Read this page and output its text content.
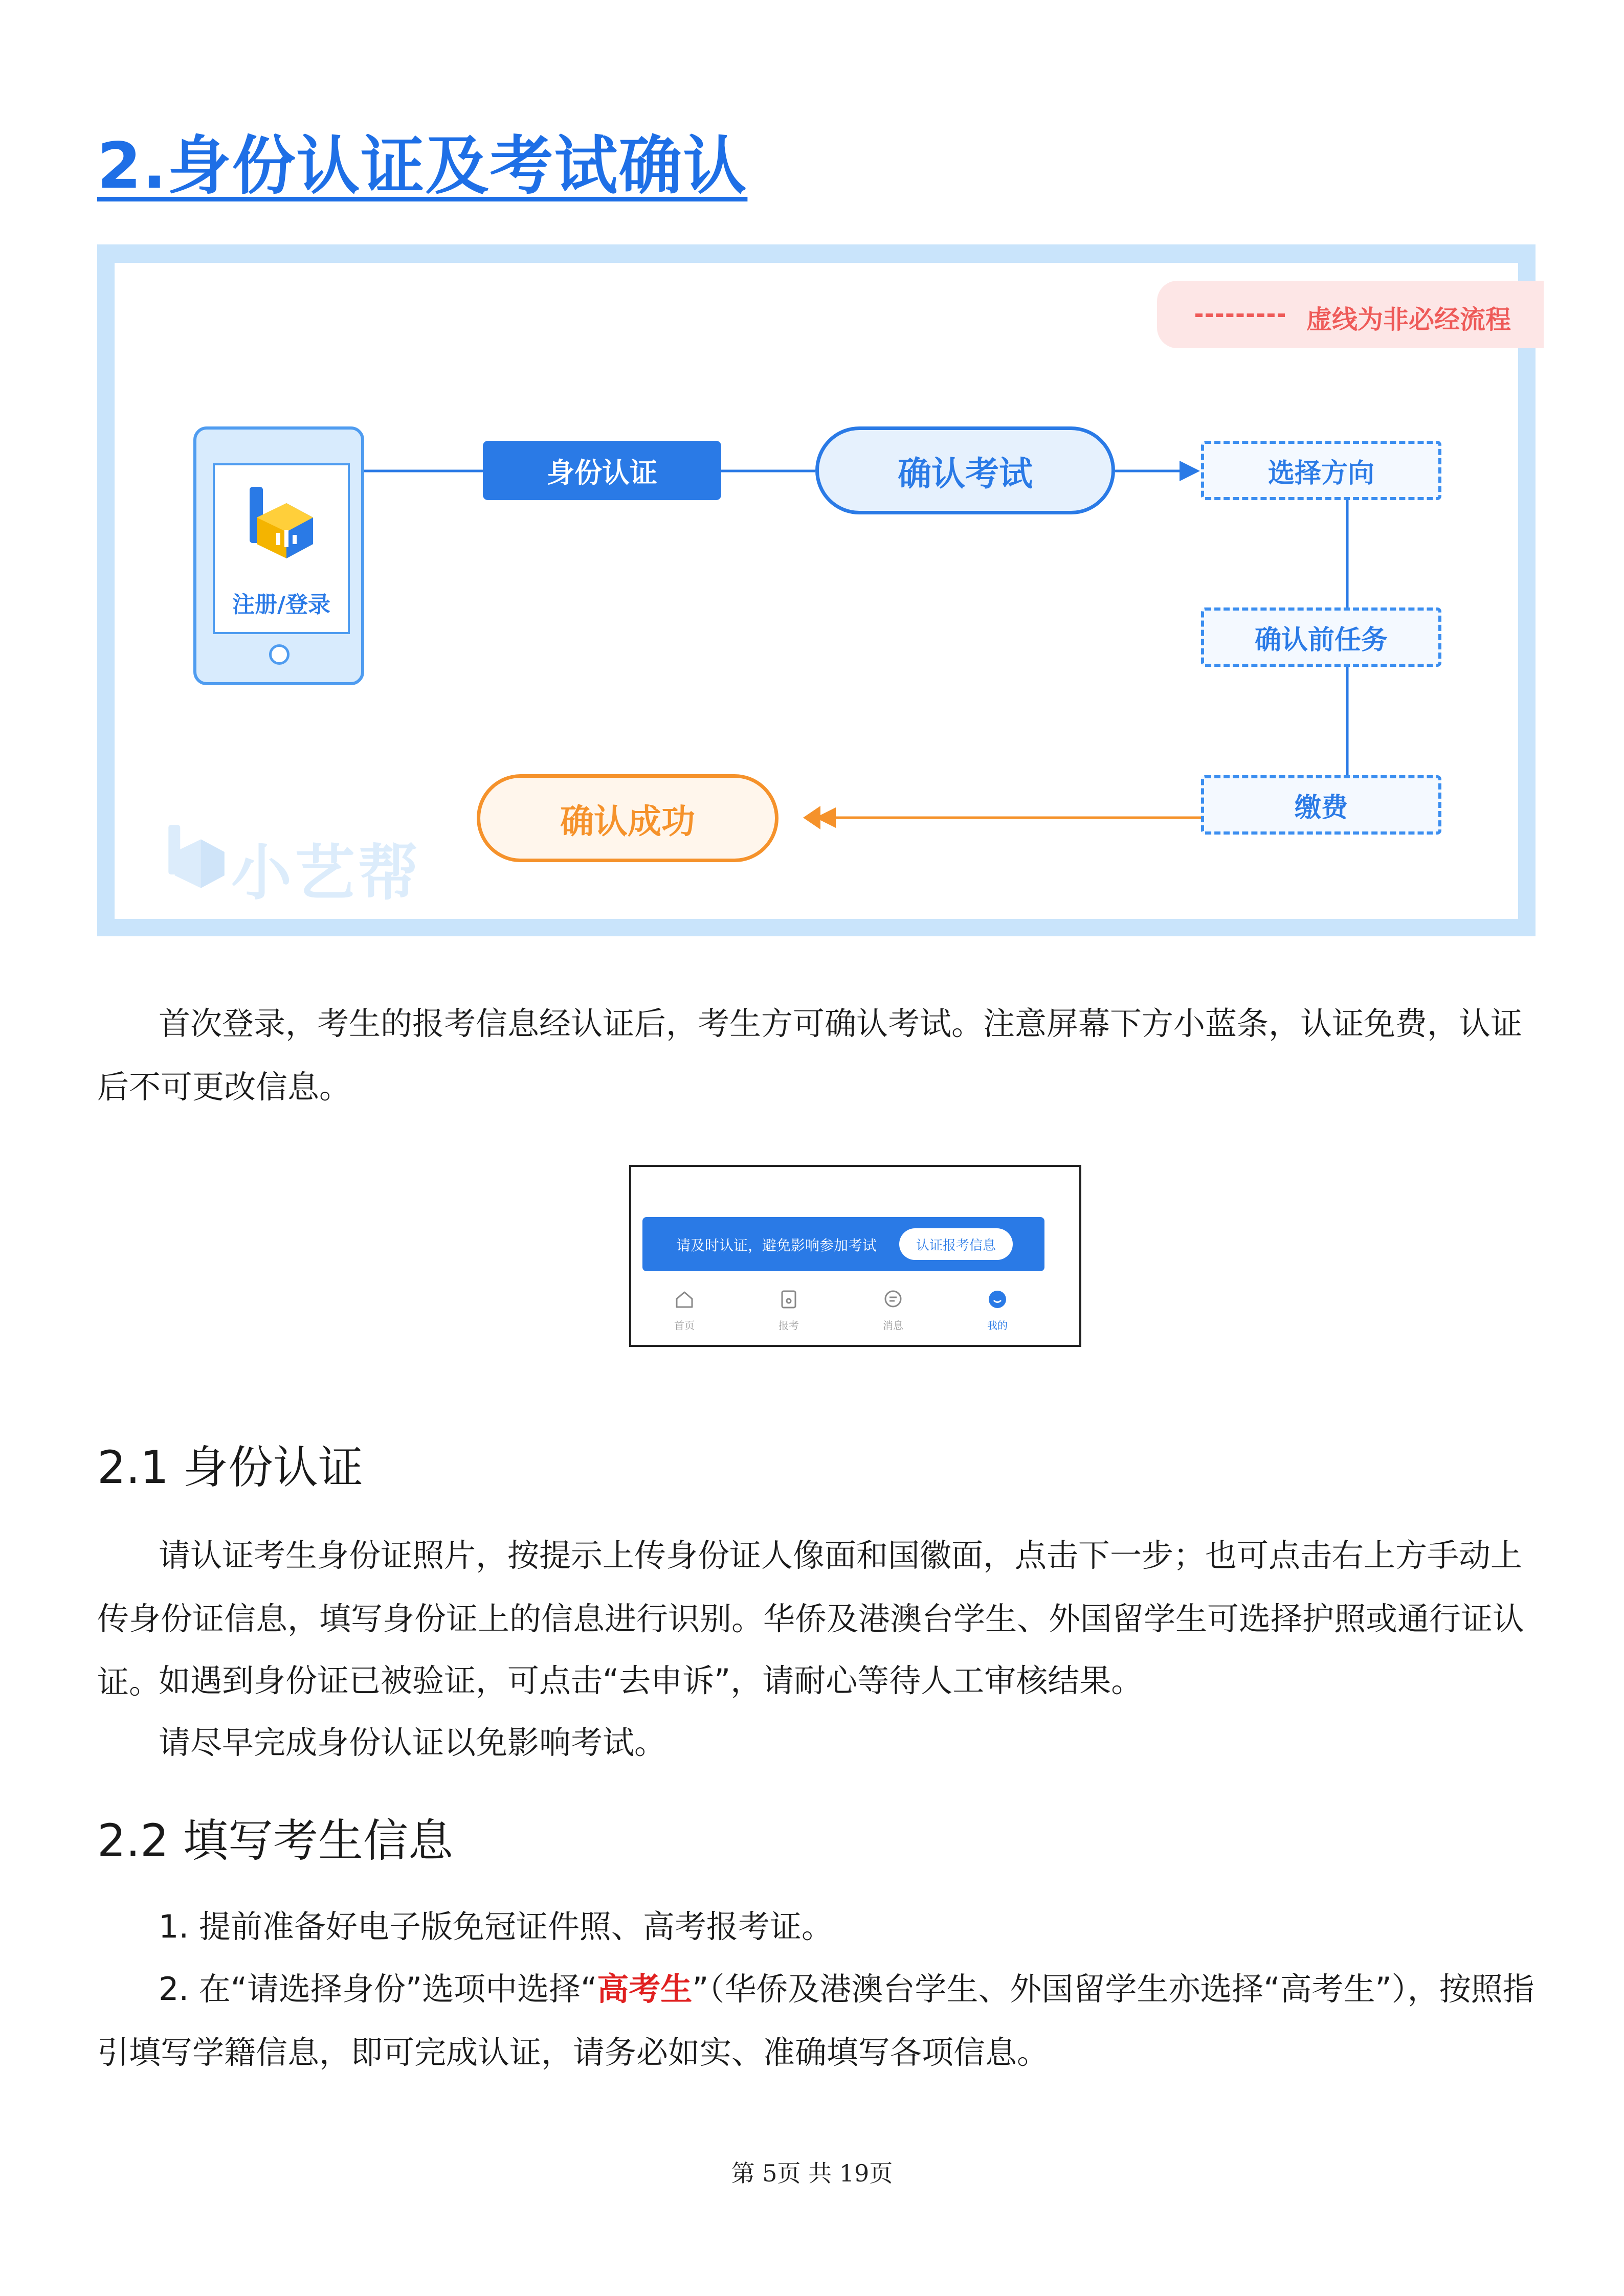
2.身份认证及考试确认
虚线为非必经流程
注册/登录
身份认证	确认考试	选择方向
确认前任务
缴费
确认成功
小艺帮
首次登录，考生的报考信息经认证后，考生方可确认考试。注意屏幕下方小蓝条，认证免费，认证后不可更改信息。
请及时认证，避免影响参加考试	认证报考信息
首页	报考	消息	我的
2.1 身份认证
请认证考生身份证照片，按提示上传身份证人像面和国徽面，点击下一步；也可点击右上方手动上传身份证信息，填写身份证上的信息进行识别。华侨及港澳台学生、外国留学生可选择护照或通行证认证。
如遇到身份证已被验证，可点击“去申诉”，请耐心等待人工审核结果。
请尽早完成身份认证以免影响考试。
2.2 填写考生信息
1. 提前准备好电子版免冠证件照、高考报考证。
2. 在“请选择身份”选项中选择“高考生”（华侨及港澳台学生、外国留学生亦选择“高考生”），按照指引填写学籍信息，即可完成认证，请务必如实、准确填写各项信息。
第 5页 共 19页
